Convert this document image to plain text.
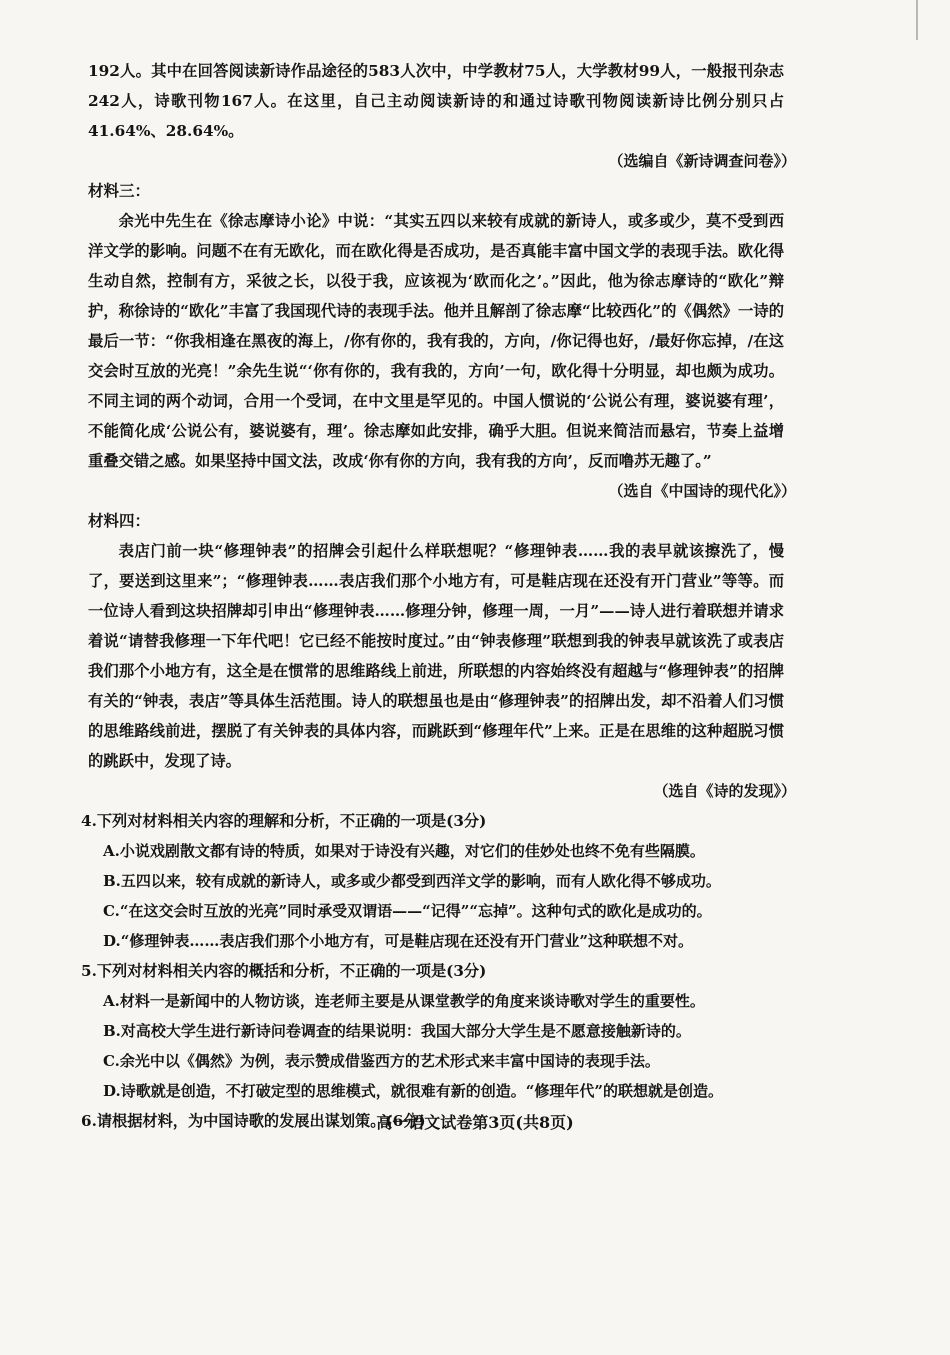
192人。其中在回答阅读新诗作品途径的583人次中，中学教材75人，大学教材99人，一般报刊杂志242人，诗歌刊物167人。在这里，自己主动阅读新诗的和通过诗歌刊物阅读新诗比例分别只占41.64%、28.64%。

（选编自《新诗调查问卷》）

材料三：

余光中先生在《徐志摩诗小论》中说：“其实五四以来较有成就的新诗人，或多或少，莫不受到西洋文学的影响。问题不在有无欧化，而在欧化得是否成功，是否真能丰富中国文学的表现手法。欧化得生动自然，控制有方，采彼之长，以役于我，应该视为‘欧而化之’。”因此，他为徐志摩诗的“欧化”辩护，称徐诗的“欧化”丰富了我国现代诗的表现手法。他并且解剖了徐志摩“比较西化”的《偶然》一诗的最后一节：“你我相逢在黑夜的海上，/你有你的，我有我的，方向，/你记得也好，/最好你忘掉，/在这交会时互放的光亮！”余先生说“‘你有你的，我有我的，方向’一句，欧化得十分明显，却也颇为成功。不同主词的两个动词，合用一个受词，在中文里是罕见的。中国人惯说的‘公说公有理，婆说婆有理’，不能简化成‘公说公有，婆说婆有，理’。徐志摩如此安排，确乎大胆。但说来简洁而悬宕，节奏上益增重叠交错之感。如果坚持中国文法，改成‘你有你的方向，我有我的方向’，反而噜苏无趣了。”

（选自《中国诗的现代化》）

材料四：

表店门前一块“修理钟表”的招牌会引起什么样联想呢？“修理钟表……我的表早就该擦洗了，慢了，要送到这里来”；“修理钟表……表店我们那个小地方有，可是鞋店现在还没有开门营业”等等。而一位诗人看到这块招牌却引申出“修理钟表……修理分钟，修理一周，一月”——诗人进行着联想并请求着说“请替我修理一下年代吧！它已经不能按时度过。”由“钟表修理”联想到我的钟表早就该洗了或表店我们那个小地方有，这全是在惯常的思维路线上前进，所联想的内容始终没有超越与“修理钟表”的招牌有关的“钟表，表店”等具体生活范围。诗人的联想虽也是由“修理钟表”的招牌出发，却不沿着人们习惯的思维路线前进，摆脱了有关钟表的具体内容，而跳跃到“修理年代”上来。正是在思维的这种超脱习惯的跳跃中，发现了诗。

（选自《诗的发现》）

4.下列对材料相关内容的理解和分析，不正确的一项是(3分)

A.小说戏剧散文都有诗的特质，如果对于诗没有兴趣，对它们的佳妙处也终不免有些隔膜。

B.五四以来，较有成就的新诗人，或多或少都受到西洋文学的影响，而有人欧化得不够成功。

C.“在这交会时互放的光亮”同时承受双谓语——“记得”“忘掉”。这种句式的欧化是成功的。

D.“修理钟表……表店我们那个小地方有，可是鞋店现在还没有开门营业”这种联想不对。

5.下列对材料相关内容的概括和分析，不正确的一项是(3分)

A.材料一是新闻中的人物访谈，连老师主要是从课堂教学的角度来谈诗歌对学生的重要性。

B.对高校大学生进行新诗问卷调查的结果说明：我国大部分大学生是不愿意接触新诗的。

C.余光中以《偶然》为例，表示赞成借鉴西方的艺术形式来丰富中国诗的表现手法。

D.诗歌就是创造，不打破定型的思维模式，就很难有新的创造。“修理年代”的联想就是创造。

6.请根据材料，为中国诗歌的发展出谋划策。(6分)

高一语文试卷第3页(共8页)
